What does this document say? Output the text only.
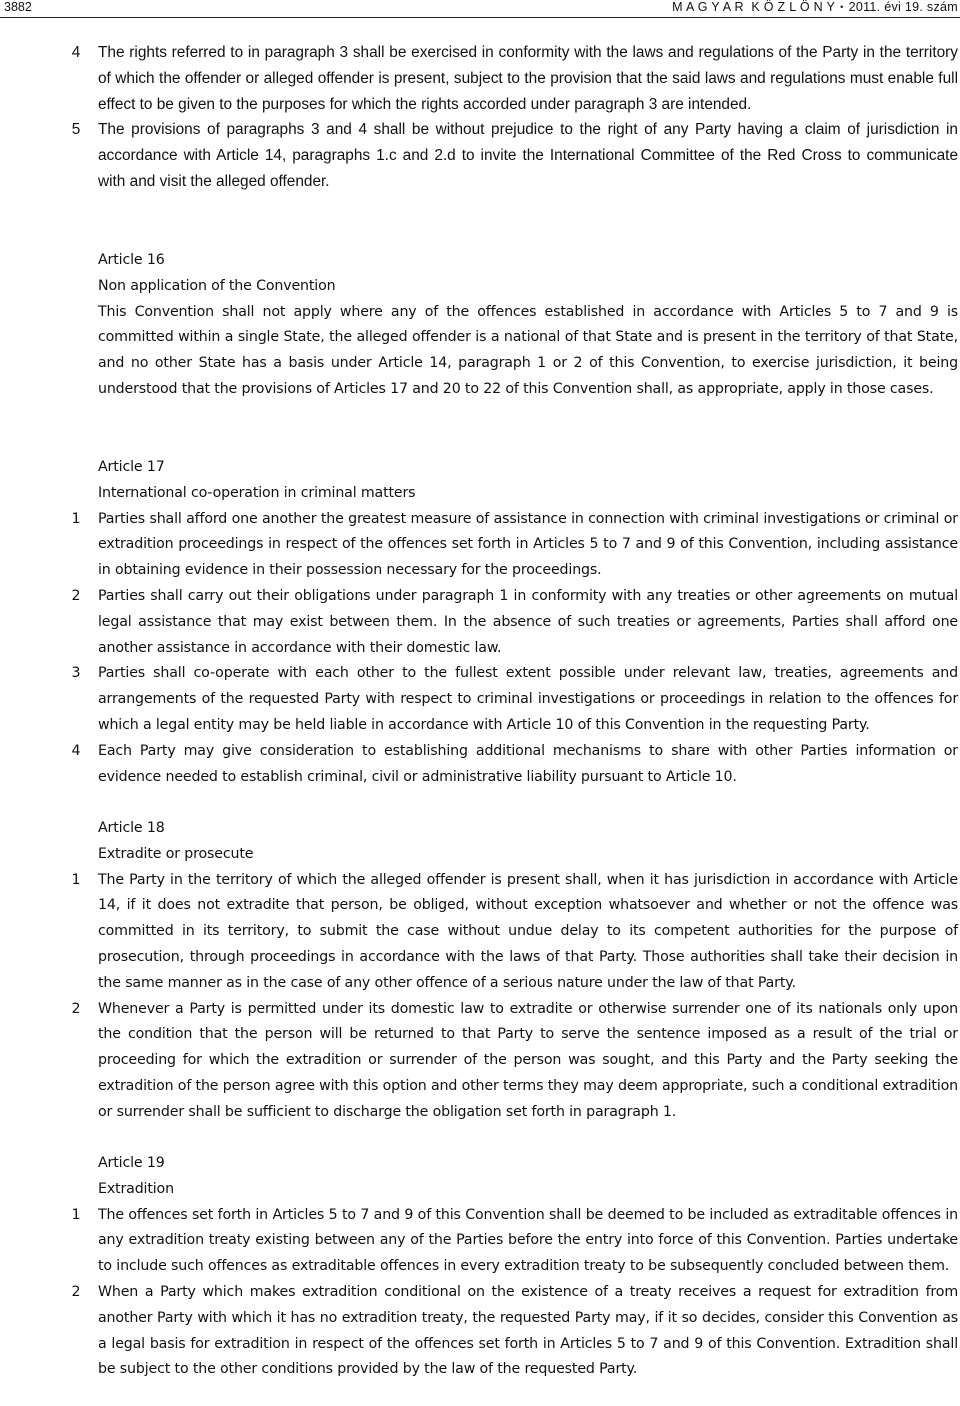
3882	M A G Y A R  K Ö Z L Ö N Y • 2011. évi 19. szám

4	The rights referred to in paragraph 3 shall be exercised in conformity with the laws and regulations of the Party in the territory of which the offender or alleged offender is present, subject to the provision that the said laws and regulations must enable full effect to be given to the purposes for which the rights accorded under paragraph 3 are intended.

5	The provisions of paragraphs 3 and 4 shall be without prejudice to the right of any Party having a claim of jurisdiction in accordance with Article 14, paragraphs 1.c and 2.d to invite the International Committee of the Red Cross to communicate with and visit the alleged offender.

Article 16

Non application of the Convention

This Convention shall not apply where any of the offences established in accordance with Articles 5 to 7 and 9 is committed within a single State, the alleged offender is a national of that State and is present in the territory of that State, and no other State has a basis under Article 14, paragraph 1 or 2 of this Convention, to exercise jurisdiction, it being understood that the provisions of Articles 17 and 20 to 22 of this Convention shall, as appropriate, apply in those cases.

Article 17

International co-operation in criminal matters

1	Parties shall afford one another the greatest measure of assistance in connection with criminal investigations or criminal or extradition proceedings in respect of the offences set forth in Articles 5 to 7 and 9 of this Convention, including assistance in obtaining evidence in their possession necessary for the proceedings.

2	Parties shall carry out their obligations under paragraph 1 in conformity with any treaties or other agreements on mutual legal assistance that may exist between them. In the absence of such treaties or agreements, Parties shall afford one another assistance in accordance with their domestic law.

3	Parties shall co-operate with each other to the fullest extent possible under relevant law, treaties, agreements and arrangements of the requested Party with respect to criminal investigations or proceedings in relation to the offences for which a legal entity may be held liable in accordance with Article 10 of this Convention in the requesting Party.

4	Each Party may give consideration to establishing additional mechanisms to share with other Parties information or evidence needed to establish criminal, civil or administrative liability pursuant to Article 10.

Article 18

Extradite or prosecute

1	The Party in the territory of which the alleged offender is present shall, when it has jurisdiction in accordance with Article 14, if it does not extradite that person, be obliged, without exception whatsoever and whether or not the offence was committed in its territory, to submit the case without undue delay to its competent authorities for the purpose of prosecution, through proceedings in accordance with the laws of that Party. Those authorities shall take their decision in the same manner as in the case of any other offence of a serious nature under the law of that Party.

2	Whenever a Party is permitted under its domestic law to extradite or otherwise surrender one of its nationals only upon the condition that the person will be returned to that Party to serve the sentence imposed as a result of the trial or proceeding for which the extradition or surrender of the person was sought, and this Party and the Party seeking the extradition of the person agree with this option and other terms they may deem appropriate, such a conditional extradition or surrender shall be sufficient to discharge the obligation set forth in paragraph 1.

Article 19

Extradition

1	The offences set forth in Articles 5 to 7 and 9 of this Convention shall be deemed to be included as extraditable offences in any extradition treaty existing between any of the Parties before the entry into force of this Convention. Parties undertake to include such offences as extraditable offences in every extradition treaty to be subsequently concluded between them.

2	When a Party which makes extradition conditional on the existence of a treaty receives a request for extradition from another Party with which it has no extradition treaty, the requested Party may, if it so decides, consider this Convention as a legal basis for extradition in respect of the offences set forth in Articles 5 to 7 and 9 of this Convention. Extradition shall be subject to the other conditions provided by the law of the requested Party.
